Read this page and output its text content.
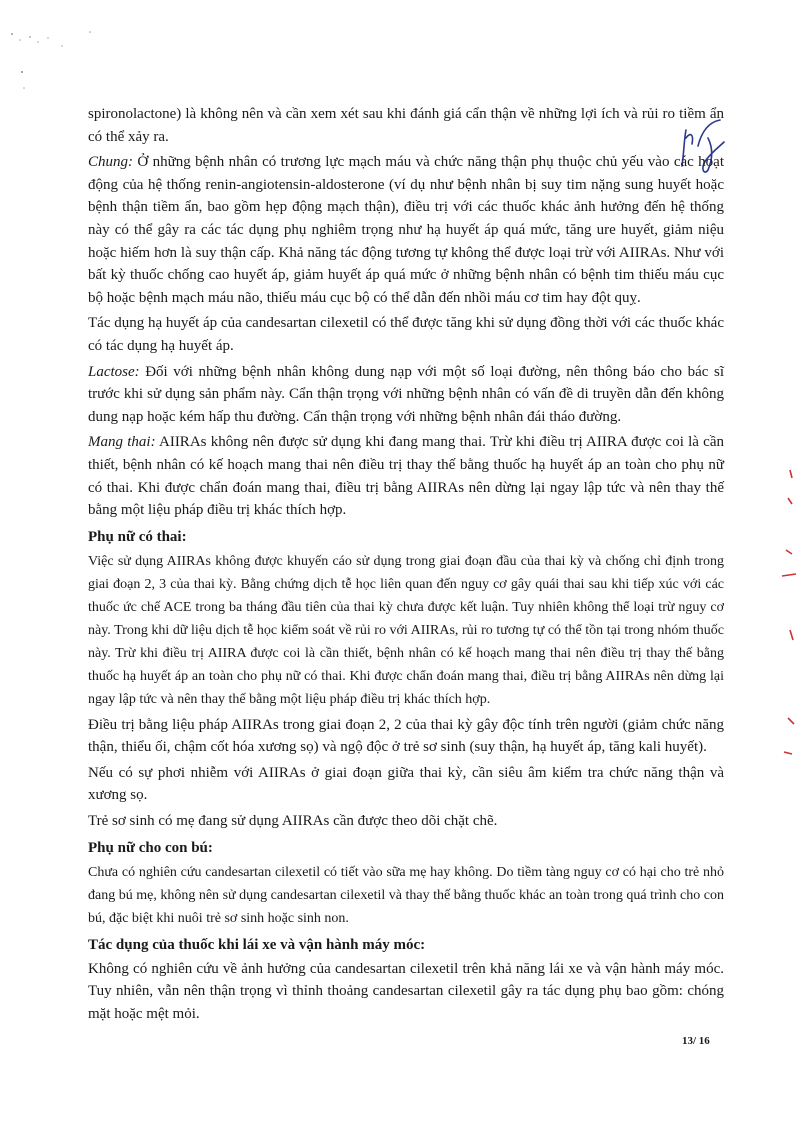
spironolactone) là không nên và cần xem xét sau khi đánh giá cẩn thận về những lợi ích và rủi ro tiềm ẩn có thể xảy ra.

Chung: Ở những bệnh nhân có trương lực mạch máu và chức năng thận phụ thuộc chủ yếu vào các hoạt động của hệ thống renin-angiotensin-aldosterone (ví dụ như bệnh nhân bị suy tim nặng sung huyết hoặc bệnh thận tiềm ẩn, bao gồm hẹp động mạch thận), điều trị với các thuốc khác ảnh hưởng đến hệ thống này có thể gây ra các tác dụng phụ nghiêm trọng như hạ huyết áp quá mức, tăng ure huyết, giảm niệu hoặc hiếm hơn là suy thận cấp. Khả năng tác động tương tự không thể được loại trừ với AIIRAs. Như với bất kỳ thuốc chống cao huyết áp, giảm huyết áp quá mức ở những bệnh nhân có bệnh tim thiếu máu cục bộ hoặc bệnh mạch máu não, thiếu máu cục bộ có thể dẫn đến nhồi máu cơ tim hay đột quỵ.

Tác dụng hạ huyết áp của candesartan cilexetil có thể được tăng khi sử dụng đồng thời với các thuốc khác có tác dụng hạ huyết áp.

Lactose: Đối với những bệnh nhân không dung nạp với một số loại đường, nên thông báo cho bác sĩ trước khi sử dụng sản phẩm này. Cẩn thận trọng với những bệnh nhân có vấn đề di truyền dẫn đến không dung nạp hoặc kém hấp thu đường. Cẩn thận trọng với những bệnh nhân đái tháo đường.

Mang thai: AIIRAs không nên được sử dụng khi đang mang thai. Trừ khi điều trị AIIRA được coi là cần thiết, bệnh nhân có kế hoạch mang thai nên điều trị thay thế bằng thuốc hạ huyết áp an toàn cho phụ nữ có thai. Khi được chẩn đoán mang thai, điều trị bằng AIIRAs nên dừng lại ngay lập tức và nên thay thế bằng một liệu pháp điều trị khác thích hợp.

Phụ nữ có thai:

Việc sử dụng AIIRAs không được khuyến cáo sử dụng trong giai đoạn đầu của thai kỳ và chống chỉ định trong giai đoạn 2, 3 của thai kỳ. Bằng chứng dịch tễ học liên quan đến nguy cơ gây quái thai sau khi tiếp xúc với các thuốc ức chế ACE trong ba tháng đầu tiên của thai kỳ chưa được kết luận. Tuy nhiên không thể loại trừ nguy cơ này. Trong khi dữ liệu dịch tễ học kiểm soát về rủi ro với AIIRAs, rủi ro tương tự có thể tồn tại trong nhóm thuốc này. Trừ khi điều trị AIIRA được coi là cần thiết, bệnh nhân có kế hoạch mang thai nên điều trị thay thế bằng thuốc hạ huyết áp an toàn cho phụ nữ có thai. Khi được chẩn đoán mang thai, điều trị bằng AIIRAs nên dừng lại ngay lập tức và nên thay thế bằng một liệu pháp điều trị khác thích hợp.

Điều trị bằng liệu pháp AIIRAs trong giai đoạn 2, 2 của thai kỳ gây độc tính trên người (giảm chức năng thận, thiểu ối, chậm cốt hóa xương sọ) và ngộ độc ở trẻ sơ sinh (suy thận, hạ huyết áp, tăng kali huyết).

Nếu có sự phơi nhiễm với AIIRAs ở giai đoạn giữa thai kỳ, cần siêu âm kiểm tra chức năng thận và xương sọ.

Trẻ sơ sinh có mẹ đang sử dụng AIIRAs cần được theo dõi chặt chẽ.

Phụ nữ cho con bú:

Chưa có nghiên cứu candesartan cilexetil có tiết vào sữa mẹ hay không. Do tiềm tàng nguy cơ có hại cho trẻ nhỏ đang bú mẹ, không nên sử dụng candesartan cilexetil và thay thế bằng thuốc khác an toàn trong quá trình cho con bú, đặc biệt khi nuôi trẻ sơ sinh hoặc sinh non.

Tác dụng của thuốc khi lái xe và vận hành máy móc:

Không có nghiên cứu về ảnh hưởng của candesartan cilexetil trên khả năng lái xe và vận hành máy móc. Tuy nhiên, vẫn nên thận trọng vì thỉnh thoảng candesartan cilexetil gây ra tác dụng phụ bao gồm: chóng mặt hoặc mệt mỏi.

13/ 16
